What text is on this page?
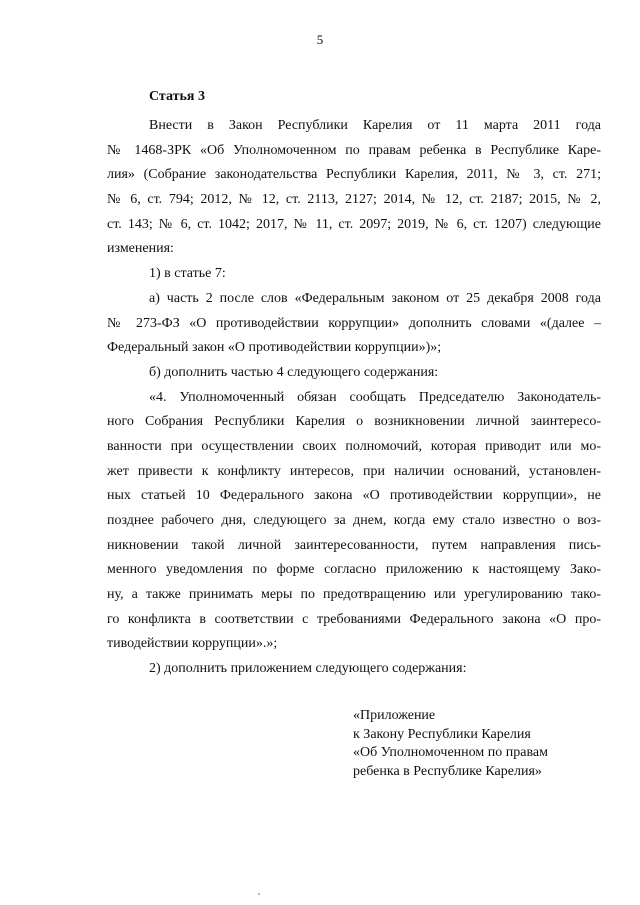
5
Статья 3
Внести в Закон Республики Карелия от 11 марта 2011 года
№ 1468-ЗРК «Об Уполномоченном по правам ребенка в Республике Каре-
лия» (Собрание законодательства Республики Карелия, 2011, № 3, ст. 271;
№ 6, ст. 794; 2012, № 12, ст. 2113, 2127; 2014, № 12, ст. 2187; 2015, № 2,
ст. 143; № 6, ст. 1042; 2017, № 11, ст. 2097; 2019, № 6, ст. 1207) следующие
изменения:
1) в статье 7:
а) часть 2 после слов «Федеральным законом от 25 декабря 2008 года
№ 273-ФЗ «О противодействии коррупции» дополнить словами «(далее –
Федеральный закон «О противодействии коррупции»)»;
б) дополнить частью 4 следующего содержания:
«4. Уполномоченный обязан сообщать Председателю Законодатель-
ного Собрания Республики Карелия о возникновении личной заинтересо-
ванности при осуществлении своих полномочий, которая приводит или мо-
жет привести к конфликту интересов, при наличии оснований, установлен-
ных статьей 10 Федерального закона «О противодействии коррупции», не
позднее рабочего дня, следующего за днем, когда ему стало известно о воз-
никновении такой личной заинтересованности, путем направления пись-
менного уведомления по форме согласно приложению к настоящему Зако-
ну, а также принимать меры по предотвращению или урегулированию тако-
го конфликта в соответствии с требованиями Федерального закона «О про-
тиводействии коррупции».»;
2) дополнить приложением следующего содержания:
«Приложение
к Закону Республики Карелия
«Об Уполномоченном по правам
ребенка в Республике Карелия»
